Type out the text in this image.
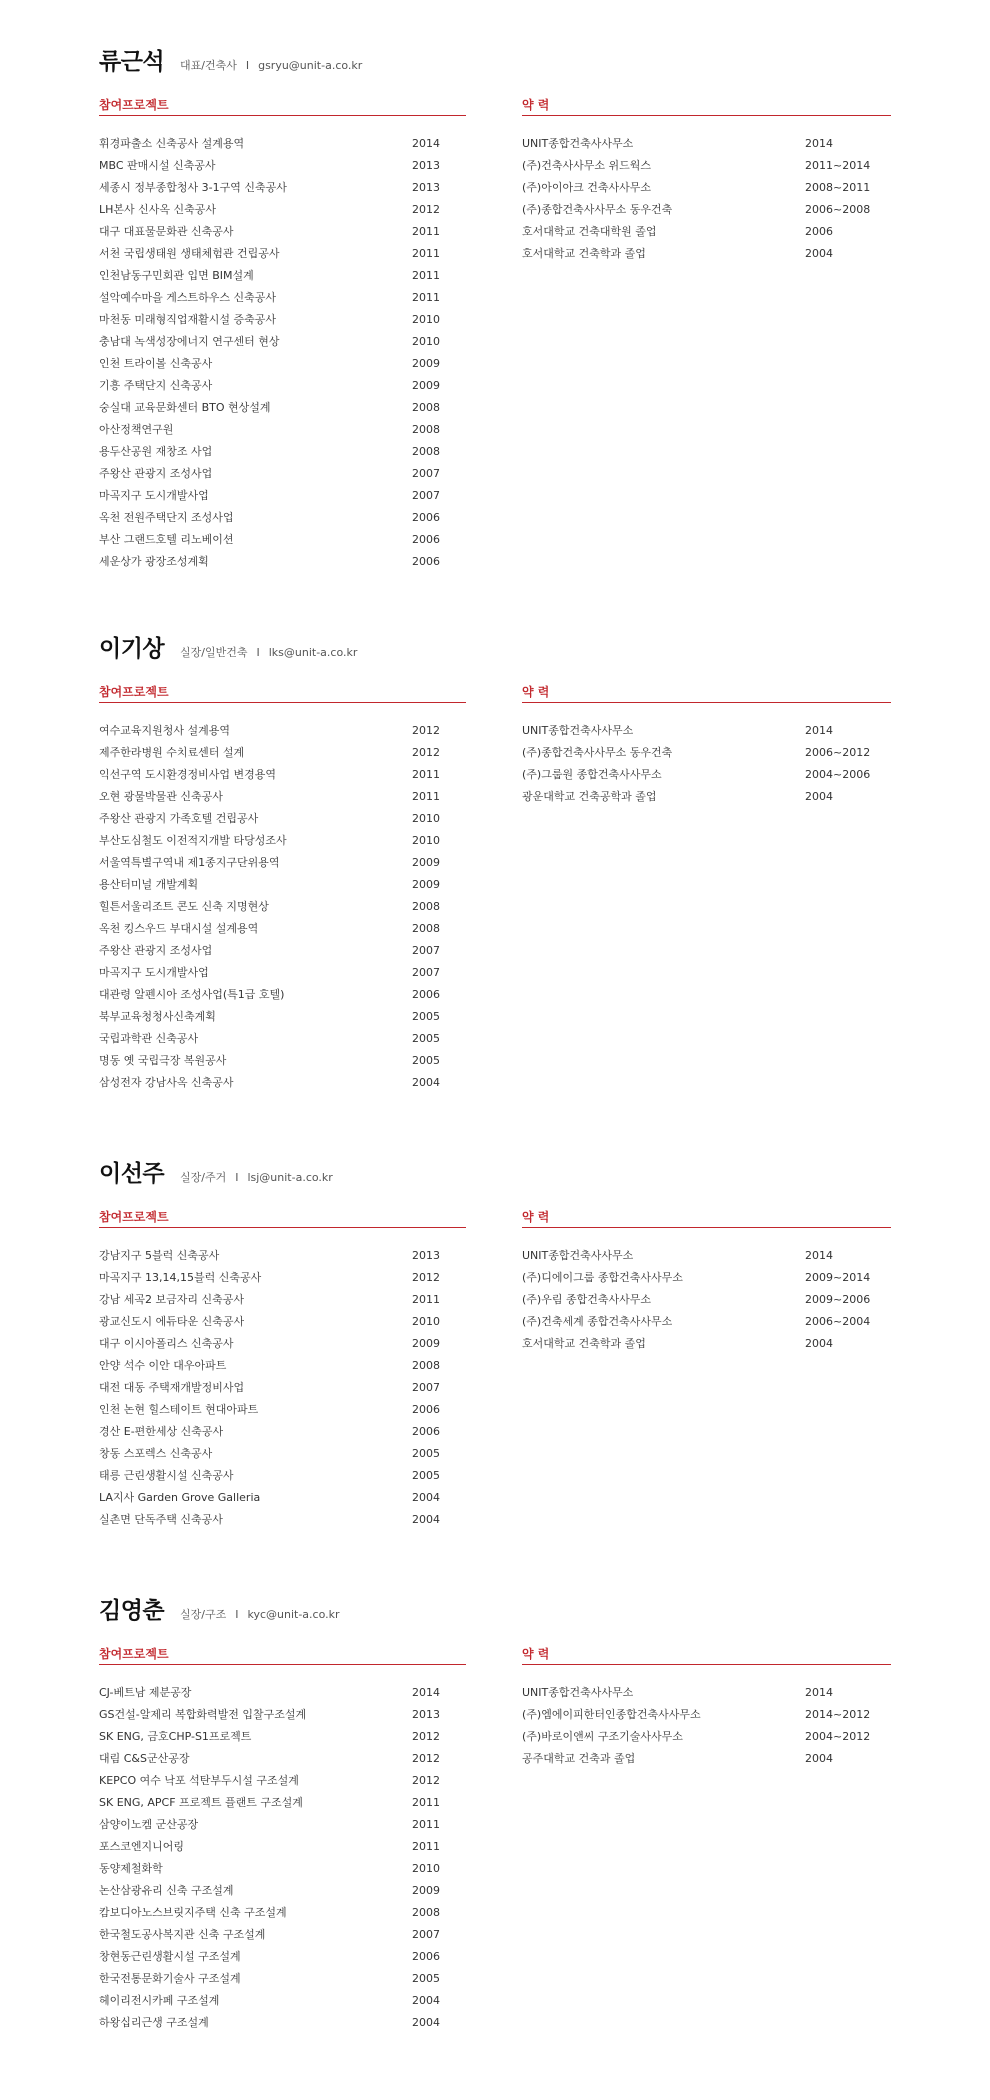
류근석 대표/건축사 I gsryu@unit-a.co.kr
참여프로젝트
휘경파출소 신축공사 설계용역	2014
MBC 판매시설 신축공사	2013
세종시 정부종합청사 3-1구역 신축공사	2013
LH본사 신사옥 신축공사	2012
대구 대표물문화관 신축공사	2011
서천 국립생태원 생태체험관 건립공사	2011
인천남동구민회관 입면 BIM설계	2011
설악예수마을 게스트하우스 신축공사	2011
마천동 미래형직업재활시설 증축공사	2010
충남대 녹색성장에너지 연구센터 현상	2010
인천 트라이볼 신축공사	2009
기흥 주택단지 신축공사	2009
숭실대 교육문화센터 BTO 현상설계	2008
아산정책연구원	2008
용두산공원 재창조 사업	2008
주왕산 관광지 조성사업	2007
마곡지구 도시개발사업	2007
옥천 전원주택단지 조성사업	2006
부산 그랜드호텔 리노베이션	2006
세운상가 광장조성계획	2006
약 력
UNIT종합건축사사무소	2014
(주)건축사사무소 위드웍스	2011~2014
(주)아이아크 건축사사무소	2008~2011
(주)종합건축사사무소 동우건축	2006~2008
호서대학교 건축대학원 졸업	2006
호서대학교 건축학과 졸업	2004
이기상 실장/일반건축 I lks@unit-a.co.kr
참여프로젝트
여수교육지원청사 설계용역	2012
제주한라병원 수치료센터 설계	2012
익선구역 도시환경정비사업 변경용역	2011
오현 광물박물관 신축공사	2011
주왕산 관광지 가족호텔 건립공사	2010
부산도심철도 이전적지개발 타당성조사	2010
서울역특별구역내 제1종지구단위용역	2009
용산터미널 개발계획	2009
힐튼서울리조트 콘도 신축 지명현상	2008
옥천 킹스우드 부대시설 설계용역	2008
주왕산 관광지 조성사업	2007
마곡지구 도시개발사업	2007
대관령 알펜시아 조성사업(특1급 호텔)	2006
북부교육청청사신축계획	2005
국립과학관 신축공사	2005
명동 옛 국립극장 복원공사	2005
삼성전자 강남사옥 신축공사	2004
약 력
UNIT종합건축사사무소	2014
(주)종합건축사사무소 동우건축	2006~2012
(주)그룹원 종합건축사사무소	2004~2006
광운대학교 건축공학과 졸업	2004
이선주 실장/주거 I lsj@unit-a.co.kr
참여프로젝트
강남지구 5블럭 신축공사	2013
마곡지구 13,14,15블럭 신축공사	2012
강남 세곡2 보금자리 신축공사	2011
광교신도시 에듀타운 신축공사	2010
대구 이시아폴리스 신축공사	2009
안양 석수 이안 대우아파트	2008
대전 대동 주택재개발정비사업	2007
인천 논현 힐스테이트 현대아파트	2006
경산 E-편한세상 신축공사	2006
창동 스포렉스 신축공사	2005
태릉 근린생활시설 신축공사	2005
LA지사 Garden Grove Galleria	2004
실촌면 단독주택 신축공사	2004
약 력
UNIT종합건축사사무소	2014
(주)디에이그룹 종합건축사사무소	2009~2014
(주)우림 종합건축사사무소	2009~2006
(주)건축세계 종합건축사사무소	2006~2004
호서대학교 건축학과 졸업	2004
김영춘 실장/구조 I kyc@unit-a.co.kr
참여프로젝트
CJ-베트남 제분공장	2014
GS건설-알제리 복합화력발전 입찰구조설계	2013
SK ENG, 금호CHP-S1프로젝트	2012
대림 C&S군산공장	2012
KEPCO 여수 낙포 석탄부두시설 구조설계	2012
SK ENG, APCF 프로젝트 플랜트 구조설계	2011
삼양이노켐 군산공장	2011
포스코엔지니어링	2011
동양제철화학	2010
논산삼광유리 신축 구조설계	2009
캄보디아노스브릿지주택 신축 구조설계	2008
한국철도공사복지관 신축 구조설계	2007
창현동근린생활시설 구조설계	2006
한국전통문화기술사 구조설계	2005
헤이리전시카페 구조설계	2004
하왕십리근생 구조설계	2004
약 력
UNIT종합건축사사무소	2014
(주)엠에이피한터인종합건축사사무소	2014~2012
(주)바로이앤씨 구조기술사사무소	2004~2012
공주대학교 건축과 졸업	2004
